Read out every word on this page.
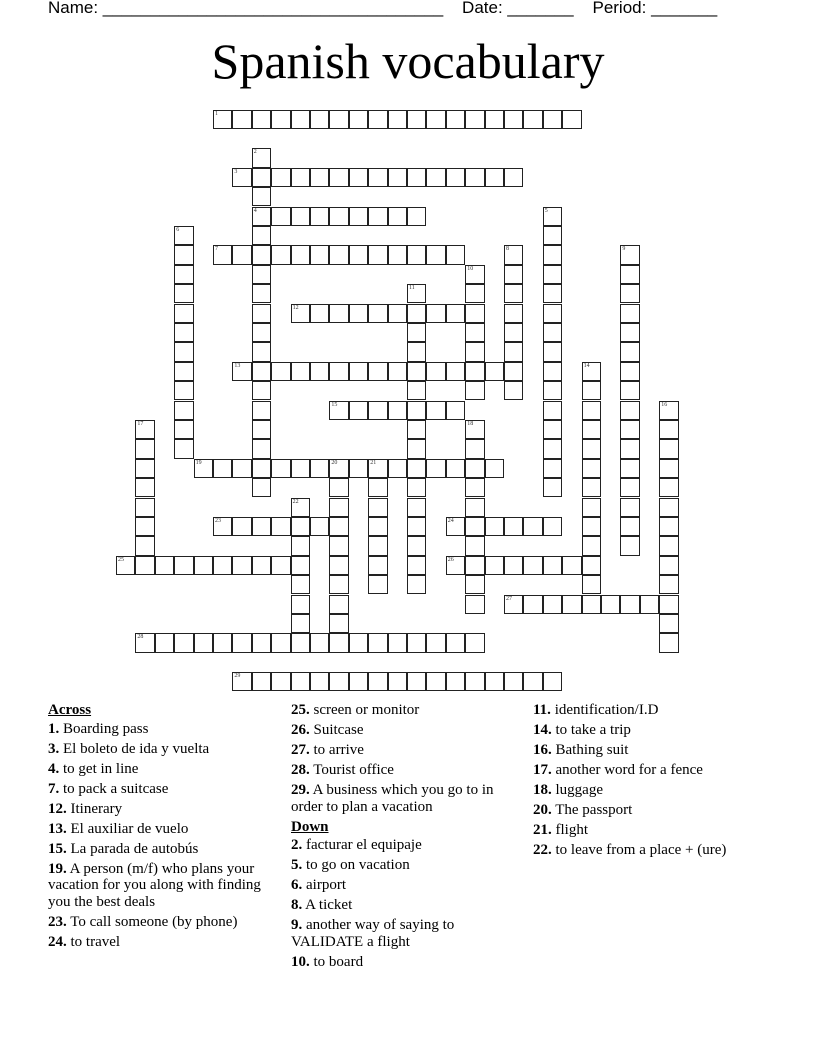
Name: ____________________________________    Date: _______    Period: _______
Spanish vocabulary
1
2
4
3
5
6
7	8	9
10
11
12
13	14
15	16
17	18
19	20	21
22
23	24
25	26
27
28
29
Across
1. Boarding pass
3. El boleto de ida y vuelta
4. to get in line
7. to pack a suitcase
12. Itinerary
13. El auxiliar de vuelo
15. La parada de autobús
19. A person (m/f) who plans your vacation for you along with finding you the best deals
23. To call someone (by phone)
24. to travel
25. screen or monitor
26. Suitcase
27. to arrive
28. Tourist office
29. A business which you go to in order to plan a vacation
Down
2. facturar el equipaje
5. to go on vacation
6. airport
8. A ticket
9. another way of saying to VALIDATE a flight
10. to board
11. identification/I.D
14. to take a trip
16. Bathing suit
17. another word for a fence
18. luggage
20. The passport
21. flight
22. to leave from a place + (ure)
